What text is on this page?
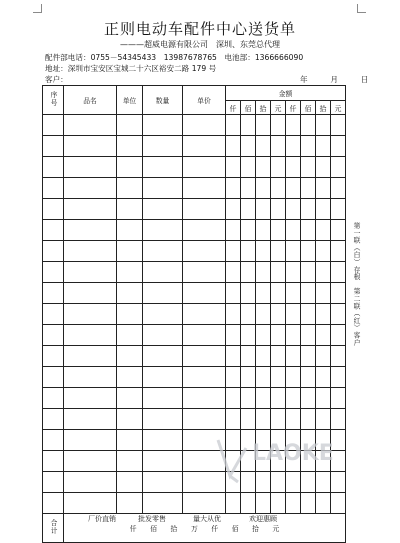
正则电动车配件中心送货单
———超威电源有限公司　深圳、东莞总代理
配件部电话：0755－54345433　13987678765　电池部：1366666090
地址：深圳市宝安区宝城二十六区裕安二路 179 号
客户：	年　　　	月　　　	日
序号	品名	单位	数量	单价	金额							
					仟	佰	拾	元	仟	佰	拾	元

合计	仟　　佰　　拾　　万　　仟　　佰　　拾　　元											
第一联（白）存根　第二联（红）客户
LAOKE
厂价直销	批发零售	量大从优	欢迎惠顾
